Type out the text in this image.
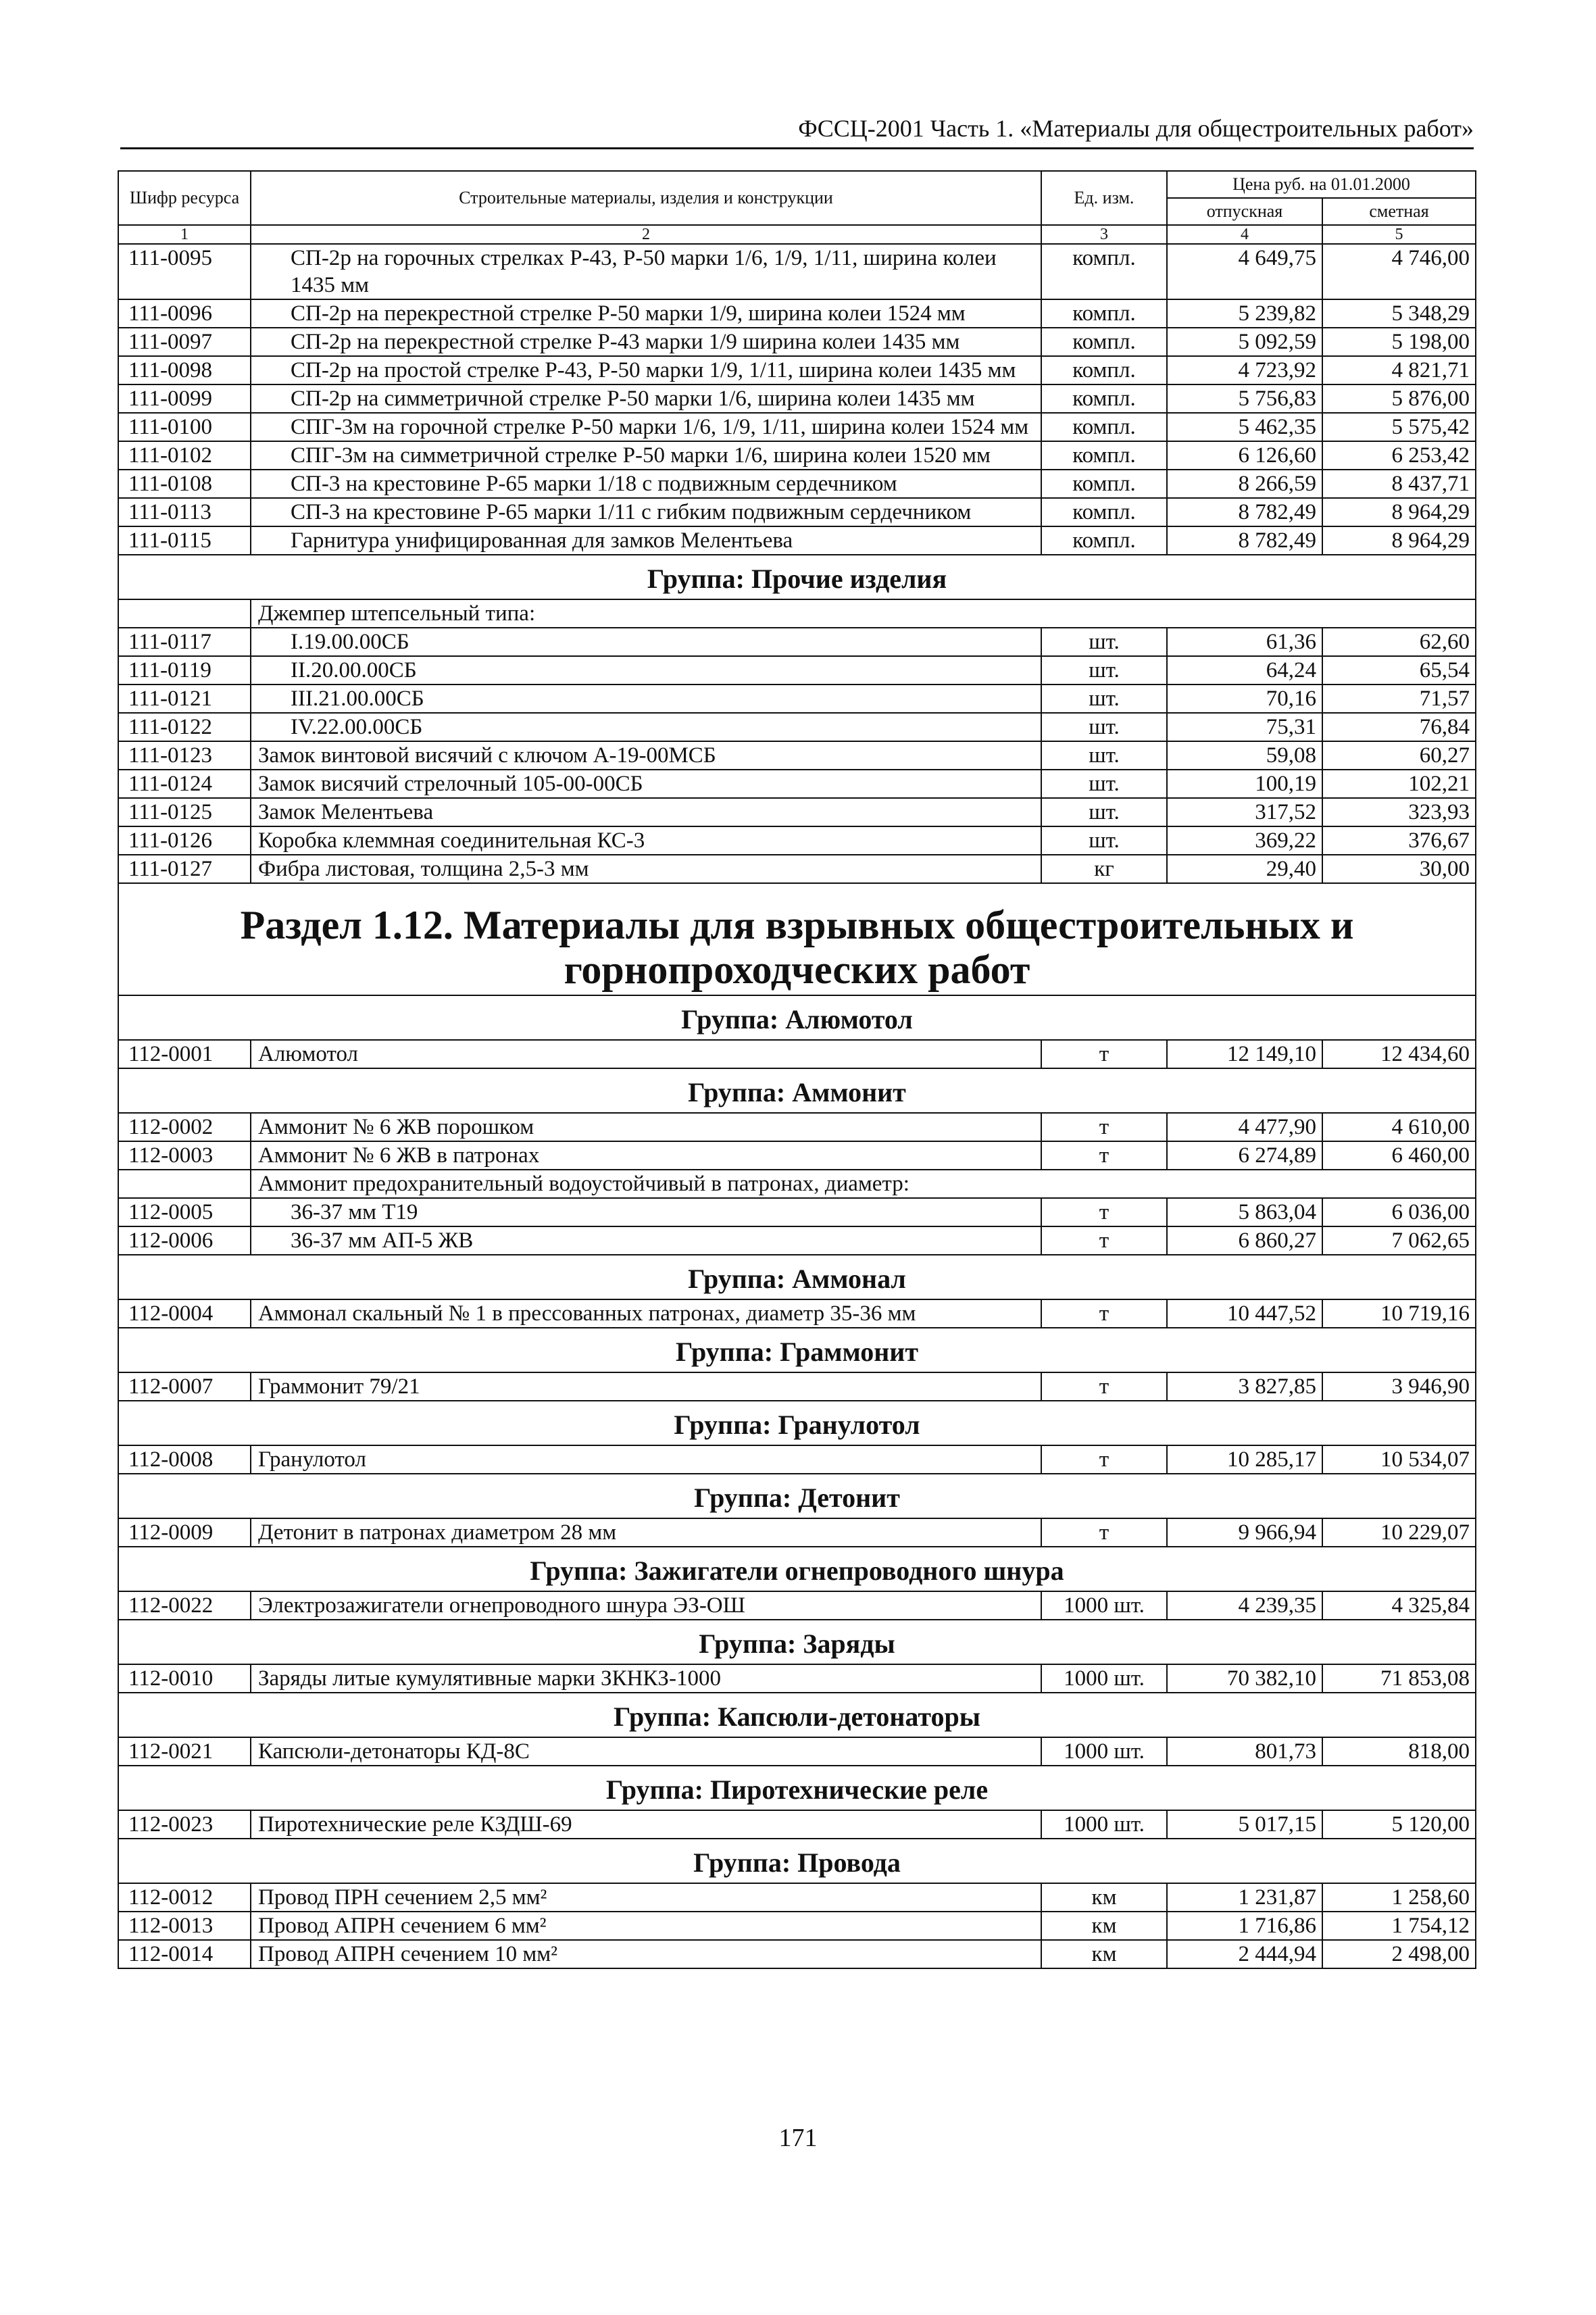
ФССЦ-2001 Часть 1. «Материалы для общестроительных работ»
Шифр ресурса	Строительные материалы, изделия и конструкции	Ед. изм.	Цена руб. на 01.01.2000	
			отпускная	сметная
1	2	3	4	5
111-0095	СП-2р на горочных стрелках Р-43, Р-50 марки 1/6, 1/9, 1/11, ширина колеи 1435 мм	компл.	4 649,75	4 746,00
111-0096	СП-2р на перекрестной стрелке Р-50 марки 1/9, ширина колеи 1524 мм	компл.	5 239,82	5 348,29
111-0097	СП-2р на перекрестной стрелке Р-43 марки 1/9 ширина колеи 1435 мм	компл.	5 092,59	5 198,00
111-0098	СП-2р на простой стрелке Р-43, Р-50 марки 1/9, 1/11, ширина колеи 1435 мм	компл.	4 723,92	4 821,71
111-0099	СП-2р на симметричной стрелке Р-50 марки 1/6, ширина колеи 1435 мм	компл.	5 756,83	5 876,00
111-0100	СПГ-3м на горочной стрелке Р-50 марки 1/6, 1/9, 1/11, ширина колеи 1524 мм	компл.	5 462,35	5 575,42
111-0102	СПГ-3м на симметричной стрелке Р-50 марки 1/6, ширина колеи 1520 мм	компл.	6 126,60	6 253,42
111-0108	СП-3 на крестовине Р-65 марки 1/18 с подвижным сердечником	компл.	8 266,59	8 437,71
111-0113	СП-3 на крестовине Р-65 марки 1/11 с гибким подвижным сердечником	компл.	8 782,49	8 964,29
111-0115	Гарнитура унифицированная для замков Мелентьева	компл.	8 782,49	8 964,29
Группа: Прочие изделия				
	Джемпер штепсельный типа:			
111-0117	I.19.00.00СБ	шт.	61,36	62,60
111-0119	II.20.00.00СБ	шт.	64,24	65,54
111-0121	III.21.00.00СБ	шт.	70,16	71,57
111-0122	IV.22.00.00СБ	шт.	75,31	76,84
111-0123	Замок винтовой висячий с ключом А-19-00МСБ	шт.	59,08	60,27
111-0124	Замок висячий стрелочный 105-00-00СБ	шт.	100,19	102,21
111-0125	Замок Мелентьева	шт.	317,52	323,93
111-0126	Коробка клеммная соединительная КС-3	шт.	369,22	376,67
111-0127	Фибра листовая, толщина 2,5-3 мм	кг	29,40	30,00
Раздел 1.12. Материалы для взрывных общестроительных и горнопроходческих работ				
Группа: Алюмотол				
112-0001	Алюмотол	т	12 149,10	12 434,60
Группа: Аммонит				
112-0002	Аммонит № 6 ЖВ порошком	т	4 477,90	4 610,00
112-0003	Аммонит № 6 ЖВ в патронах	т	6 274,89	6 460,00
	Аммонит предохранительный водоустойчивый в патронах, диаметр:			
112-0005	36-37 мм Т19	т	5 863,04	6 036,00
112-0006	36-37 мм АП-5 ЖВ	т	6 860,27	7 062,65
Группа: Аммонал				
112-0004	Аммонал скальный № 1 в прессованных патронах, диаметр 35-36 мм	т	10 447,52	10 719,16
Группа: Граммонит				
112-0007	Граммонит 79/21	т	3 827,85	3 946,90
Группа: Гранулотол				
112-0008	Гранулотол	т	10 285,17	10 534,07
Группа: Детонит				
112-0009	Детонит в патронах диаметром 28 мм	т	9 966,94	10 229,07
Группа: Зажигатели огнепроводного шнура				
112-0022	Электрозажигатели огнепроводного шнура ЭЗ-ОШ	1000 шт.	4 239,35	4 325,84
Группа: Заряды				
112-0010	Заряды литые кумулятивные марки ЗКНКЗ-1000	1000 шт.	70 382,10	71 853,08
Группа: Капсюли-детонаторы				
112-0021	Капсюли-детонаторы КД-8С	1000 шт.	801,73	818,00
Группа: Пиротехнические реле				
112-0023	Пиротехнические реле КЗДШ-69	1000 шт.	5 017,15	5 120,00
Группа: Провода				
112-0012	Провод ПРН сечением 2,5 мм²	км	1 231,87	1 258,60
112-0013	Провод АПРН сечением 6 мм²	км	1 716,86	1 754,12
112-0014	Провод АПРН сечением 10 мм²	км	2 444,94	2 498,00
171
